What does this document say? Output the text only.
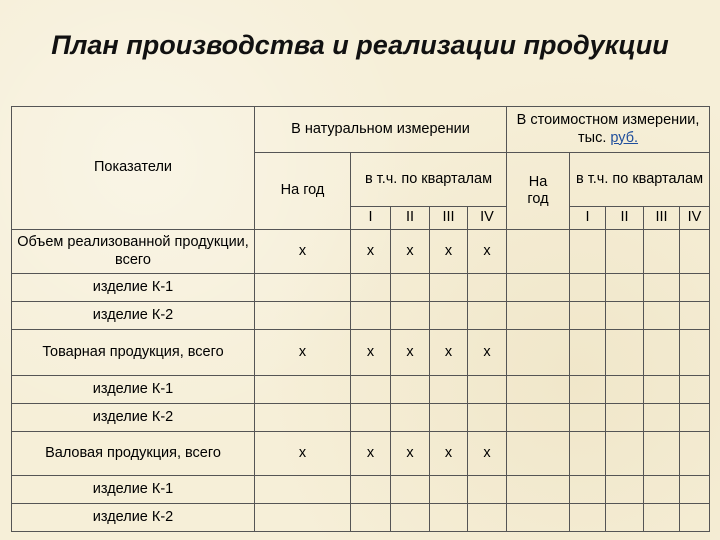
План производства и реализации продукции
Показатели	В натуральном измерении					В стоимостном измерении, тыс. руб.				
	На год	в т.ч. по кварталам				На год	в т.ч. по кварталам			
		I	II	III	IV		I	II	III	IV
Объем реализованной продукции, всего	x	x	x	x	x					
изделие К-1										
изделие К-2										
Товарная продукция, всего	x	x	x	x	x					
изделие К-1										
изделие К-2										
Валовая продукция, всего	x	x	x	x	x					
изделие К-1										
изделие К-2										
